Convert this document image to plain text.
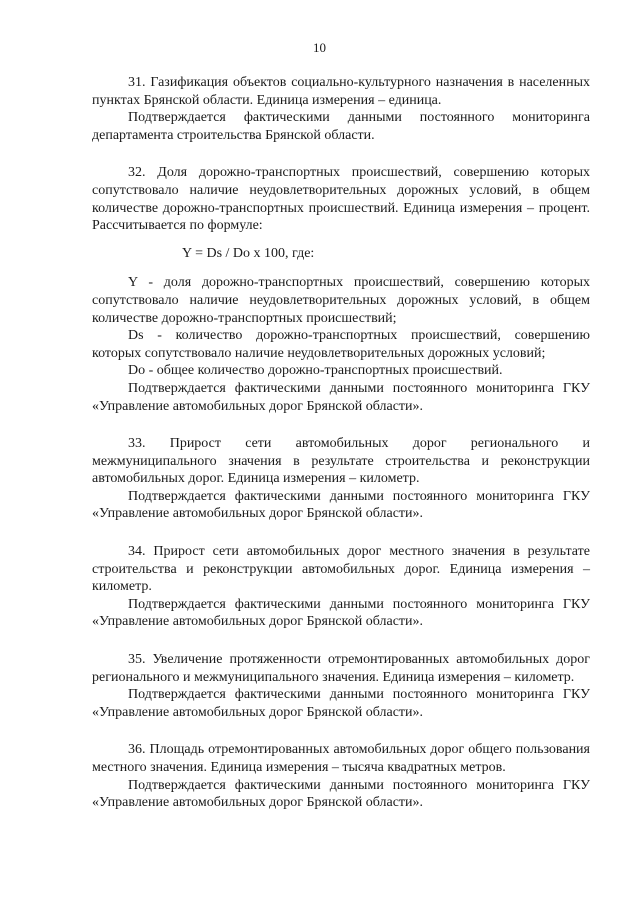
10

31. Газификация объектов социально-культурного назначения в населенных пунктах Брянской области. Единица измерения – единица.

Подтверждается фактическими данными постоянного мониторинга департамента строительства Брянской области.

32. Доля дорожно-транспортных происшествий, совершению которых сопутствовало наличие неудовлетворительных дорожных условий, в общем количестве дорожно-транспортных происшествий. Единица измерения – процент. Рассчитывается по формуле:

Y = Ds / Do x 100, где:

Y - доля дорожно-транспортных происшествий, совершению которых сопутствовало наличие неудовлетворительных дорожных условий, в общем количестве дорожно-транспортных происшествий;

Ds - количество дорожно-транспортных происшествий, совершению которых сопутствовало наличие неудовлетворительных дорожных условий;

Do - общее количество дорожно-транспортных происшествий.

Подтверждается фактическими данными постоянного мониторинга ГКУ «Управление автомобильных дорог Брянской области».

33. Прирост сети автомобильных дорог регионального и межмуниципального значения в результате строительства и реконструкции автомобильных дорог. Единица измерения – километр.

Подтверждается фактическими данными постоянного мониторинга ГКУ «Управление автомобильных дорог Брянской области».

34. Прирост сети автомобильных дорог местного значения в результате строительства и реконструкции автомобильных дорог. Единица измерения – километр.

Подтверждается фактическими данными постоянного мониторинга ГКУ «Управление автомобильных дорог Брянской области».

35. Увеличение протяженности отремонтированных автомобильных дорог регионального и межмуниципального значения. Единица измерения – километр.

Подтверждается фактическими данными постоянного мониторинга ГКУ «Управление автомобильных дорог Брянской области».

36. Площадь отремонтированных автомобильных дорог общего пользования местного значения. Единица измерения – тысяча квадратных метров.

Подтверждается фактическими данными постоянного мониторинга ГКУ «Управление автомобильных дорог Брянской области».
